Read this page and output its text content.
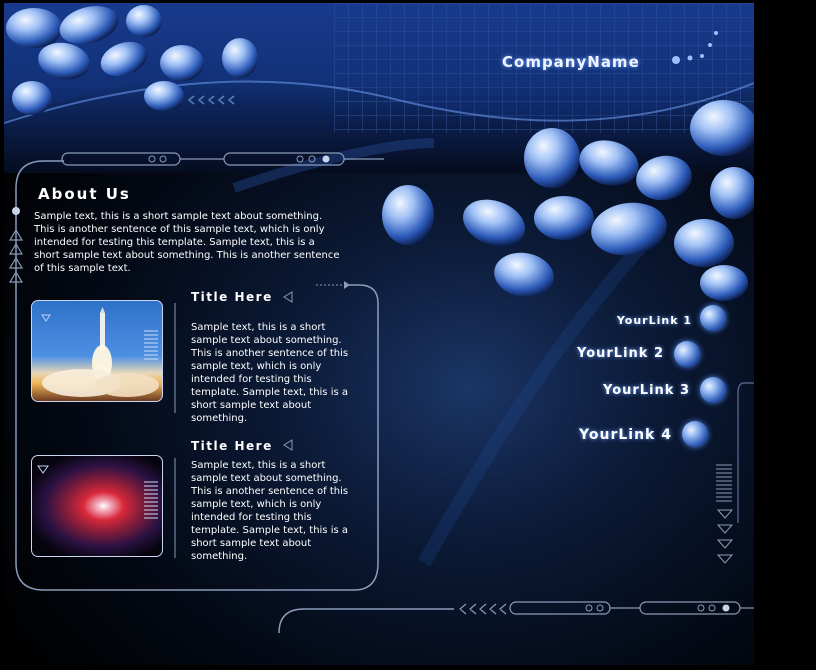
CompanyName
About Us
Sample text, this is a short sample text about something. This is another sentence of this sample text, which is only intended for testing this template. Sample text, this is a short sample text about something. This is another sentence of this sample text.
Title Here
Sample text, this is a short sample text about something. This is another sentence of this sample text, which is only intended for testing this template. Sample text, this is a short sample text about something.
Title Here
Sample text, this is a short sample text about something. This is another sentence of this sample text, which is only intended for testing this template. Sample text, this is a short sample text about something.
YourLink 1
YourLink 2
YourLink 3
YourLink 4
